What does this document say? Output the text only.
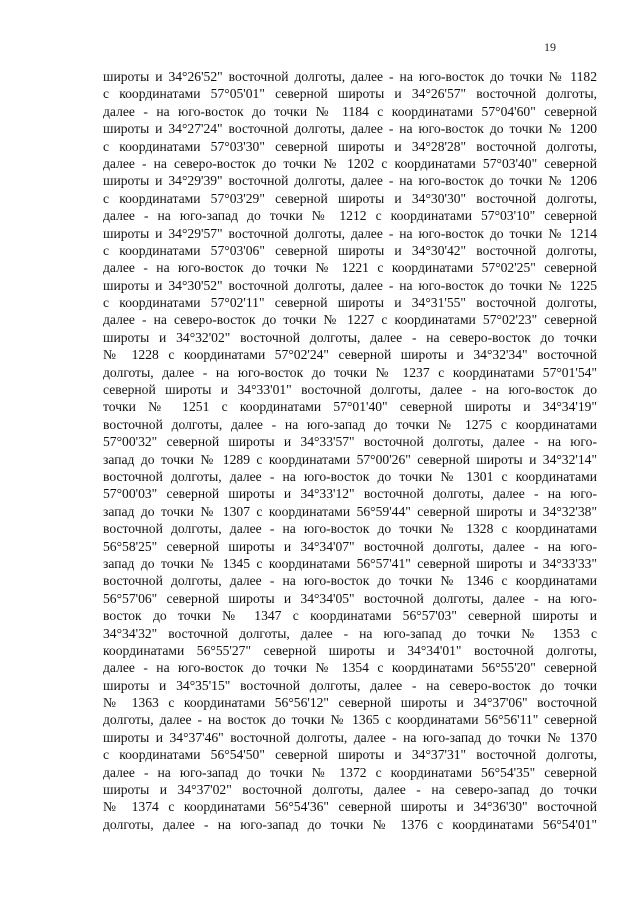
19
широты и 34°26'52" восточной долготы, далее - на юго-восток до точки № 1182
с координатами 57°05'01" северной широты и 34°26'57" восточной долготы,
далее - на юго-восток до точки № 1184 с координатами 57°04'60" северной
широты и 34°27'24" восточной долготы, далее - на юго-восток до точки № 1200
с координатами 57°03'30" северной широты и 34°28'28" восточной долготы,
далее - на северо-восток до точки № 1202 с координатами 57°03'40" северной
широты и 34°29'39" восточной долготы, далее - на юго-восток до точки № 1206
с координатами 57°03'29" северной широты и 34°30'30" восточной долготы,
далее - на юго-запад до точки № 1212 с координатами 57°03'10" северной
широты и 34°29'57" восточной долготы, далее - на юго-восток до точки № 1214
с координатами 57°03'06" северной широты и 34°30'42" восточной долготы,
далее - на юго-восток до точки № 1221 с координатами 57°02'25" северной
широты и 34°30'52" восточной долготы, далее - на юго-восток до точки № 1225
с координатами 57°02'11" северной широты и 34°31'55" восточной долготы,
далее - на северо-восток до точки № 1227 с координатами 57°02'23" северной
широты и 34°32'02" восточной долготы, далее - на северо-восток до точки
№ 1228 с координатами 57°02'24" северной широты и 34°32'34" восточной
долготы, далее - на юго-восток до точки № 1237 с координатами 57°01'54"
северной широты и 34°33'01" восточной долготы, далее - на юго-восток до
точки № 1251 с координатами 57°01'40" северной широты и 34°34'19"
восточной долготы, далее - на юго-запад до точки № 1275 с координатами
57°00'32" северной широты и 34°33'57" восточной долготы, далее - на юго-
запад до точки № 1289 с координатами 57°00'26" северной широты и 34°32'14"
восточной долготы, далее - на юго-восток до точки № 1301 с координатами
57°00'03" северной широты и 34°33'12" восточной долготы, далее - на юго-
запад до точки № 1307 с координатами 56°59'44" северной широты и 34°32'38"
восточной долготы, далее - на юго-восток до точки № 1328 с координатами
56°58'25" северной широты и 34°34'07" восточной долготы, далее - на юго-
запад до точки № 1345 с координатами 56°57'41" северной широты и 34°33'33"
восточной долготы, далее - на юго-восток до точки № 1346 с координатами
56°57'06" северной широты и 34°34'05" восточной долготы, далее - на юго-
восток до точки № 1347 с координатами 56°57'03" северной широты и
34°34'32" восточной долготы, далее - на юго-запад до точки № 1353 с
координатами 56°55'27" северной широты и 34°34'01" восточной долготы,
далее - на юго-восток до точки № 1354 с координатами 56°55'20" северной
широты и 34°35'15" восточной долготы, далее - на северо-восток до точки
№ 1363 с координатами 56°56'12" северной широты и 34°37'06" восточной
долготы, далее - на восток до точки № 1365 с координатами 56°56'11" северной
широты и 34°37'46" восточной долготы, далее - на юго-запад до точки № 1370
с координатами 56°54'50" северной широты и 34°37'31" восточной долготы,
далее - на юго-запад до точки № 1372 с координатами 56°54'35" северной
широты и 34°37'02" восточной долготы, далее - на северо-запад до точки
№ 1374 с координатами 56°54'36" северной широты и 34°36'30" восточной
долготы, далее - на юго-запад до точки № 1376 с координатами 56°54'01"
